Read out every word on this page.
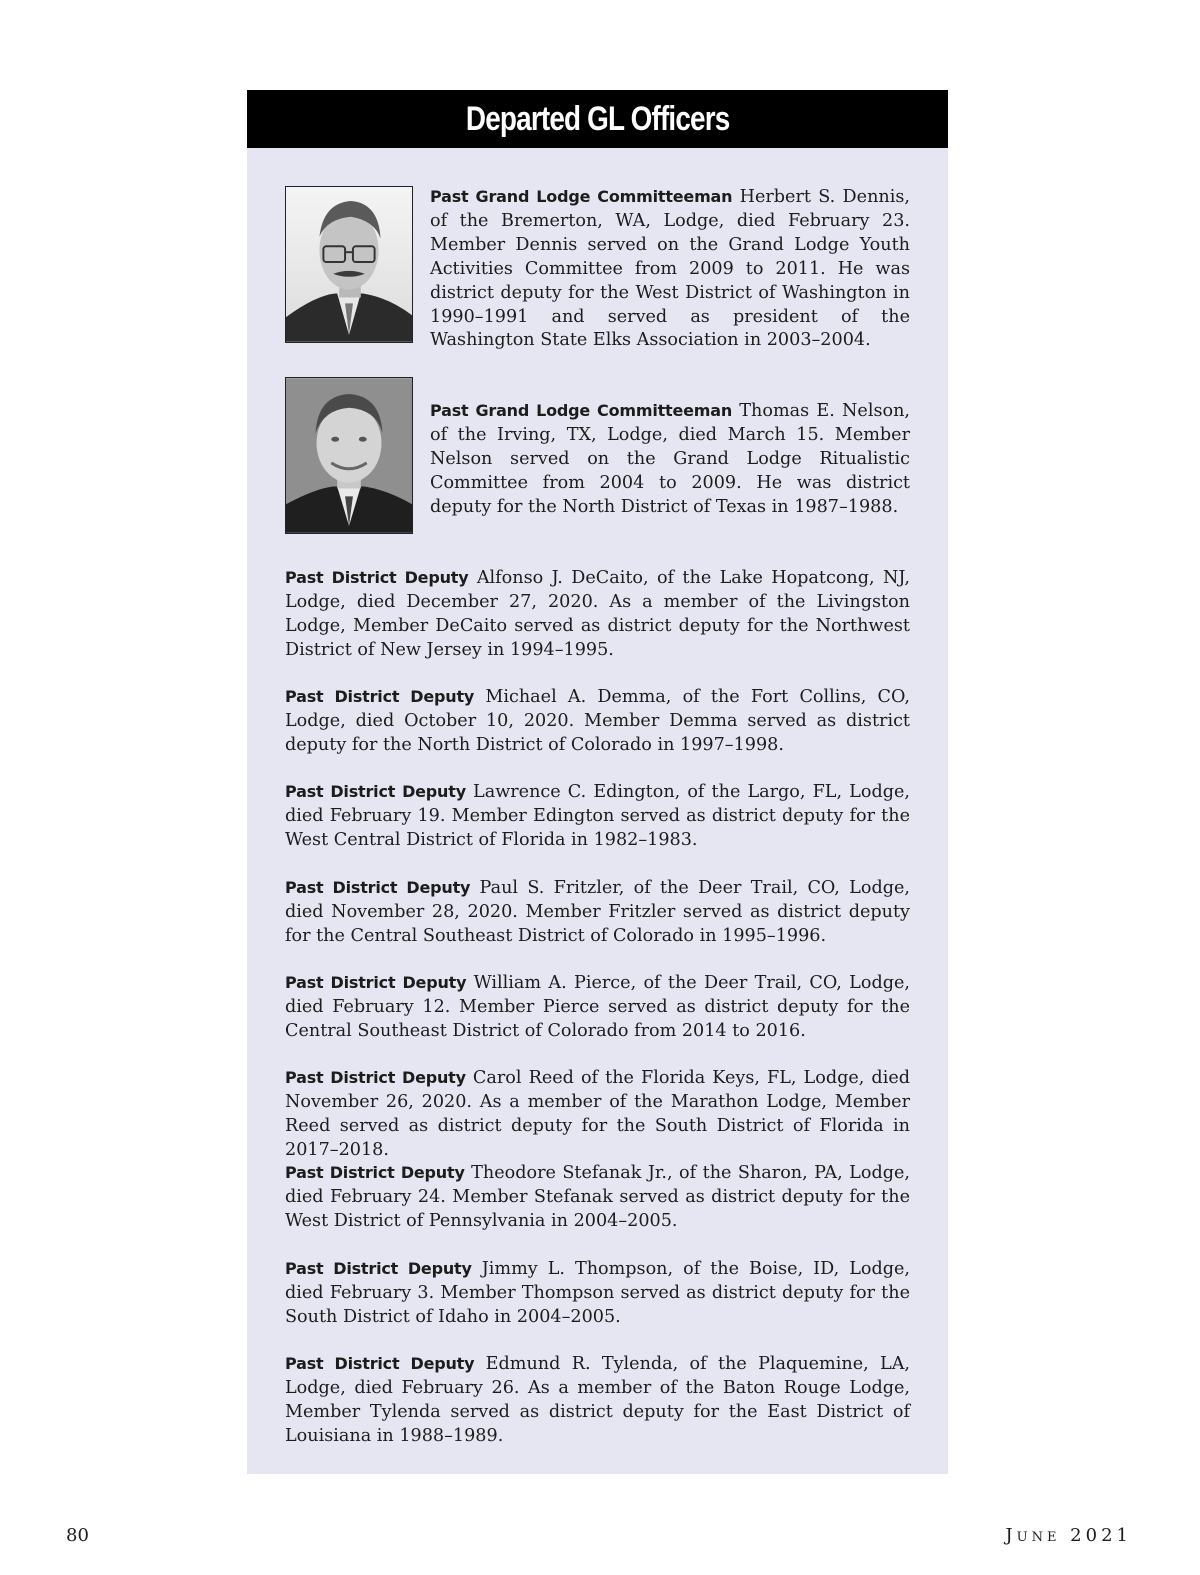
Departed GL Officers
Past Grand Lodge Committeeman Herbert S. Dennis, of the Bremerton, WA, Lodge, died February 23. Member Dennis served on the Grand Lodge Youth Activities Committee from 2009 to 2011. He was district deputy for the West District of Washington in 1990–1991 and served as president of the Washington State Elks Association in 2003–2004.
Past Grand Lodge Committeeman Thomas E. Nelson, of the Irving, TX, Lodge, died March 15. Member Nelson served on the Grand Lodge Ritualistic Committee from 2004 to 2009. He was district deputy for the North District of Texas in 1987–1988.
Past District Deputy Alfonso J. DeCaito, of the Lake Hopatcong, NJ, Lodge, died December 27, 2020. As a member of the Livingston Lodge, Member DeCaito served as district deputy for the Northwest District of New Jersey in 1994–1995.
Past District Deputy Michael A. Demma, of the Fort Collins, CO, Lodge, died October 10, 2020. Member Demma served as district deputy for the North District of Colorado in 1997–1998.
Past District Deputy Lawrence C. Edington, of the Largo, FL, Lodge, died February 19. Member Edington served as district deputy for the West Central District of Florida in 1982–1983.
Past District Deputy Paul S. Fritzler, of the Deer Trail, CO, Lodge, died November 28, 2020. Member Fritzler served as district deputy for the Central Southeast District of Colorado in 1995–1996.
Past District Deputy William A. Pierce, of the Deer Trail, CO, Lodge, died February 12. Member Pierce served as district deputy for the Central Southeast District of Colorado from 2014 to 2016.
Past District Deputy Carol Reed of the Florida Keys, FL, Lodge, died November 26, 2020. As a member of the Marathon Lodge, Member Reed served as district deputy for the South District of Florida in 2017–2018.
Past District Deputy Theodore Stefanak Jr., of the Sharon, PA, Lodge, died February 24. Member Stefanak served as district deputy for the West District of Pennsylvania in 2004–2005.
Past District Deputy Jimmy L. Thompson, of the Boise, ID, Lodge, died February 3. Member Thompson served as district deputy for the South District of Idaho in 2004–2005.
Past District Deputy Edmund R. Tylenda, of the Plaquemine, LA, Lodge, died February 26. As a member of the Baton Rouge Lodge, Member Tylenda served as district deputy for the East District of Louisiana in 1988–1989.
80	June 2021
